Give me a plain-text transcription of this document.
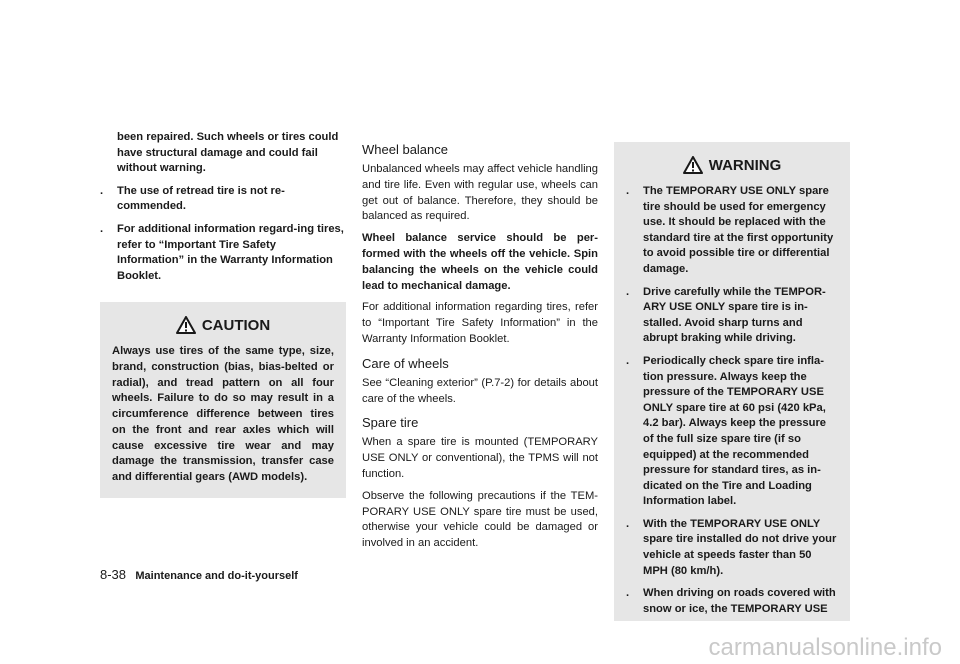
been repaired. Such wheels or tires could have structural damage and could fail without warning.

. The use of retread tire is not re-commended.
. For additional information regard-ing tires, refer to “Important Tire Safety Information” in the Warranty Information Booklet.
CAUTION

Always use tires of the same type, size, brand, construction (bias, bias-belted or radial), and tread pattern on all four wheels. Failure to do so may result in a circumference difference between tires on the front and rear axles which will cause excessive tire wear and may damage the transmission, transfer case and differential gears (AWD models).

Wheel balance

Unbalanced wheels may affect vehicle handling and tire life. Even with regular use, wheels can get out of balance. Therefore, they should be balanced as required.

Wheel balance service should be per-formed with the wheels off the vehicle. Spin balancing the wheels on the vehicle could lead to mechanical damage.

For additional information regarding tires, refer to “Important Tire Safety Information” in the Warranty Information Booklet.

Care of wheels

See “Cleaning exterior” (P.7-2) for details about care of the wheels.

Spare tire

When a spare tire is mounted (TEMPORARY USE ONLY or conventional), the TPMS will not function.

Observe the following precautions if the TEM-PORARY USE ONLY spare tire must be used, otherwise your vehicle could be damaged or involved in an accident.

WARNING
. The TEMPORARY USE ONLY spare tire should be used for emergency use. It should be replaced with the standard tire at the first opportunity to avoid possible tire or differential damage.
. Drive carefully while the TEMPOR-ARY USE ONLY spare tire is in-stalled. Avoid sharp turns and abrupt braking while driving.
. Periodically check spare tire infla-tion pressure. Always keep the pressure of the TEMPORARY USE ONLY spare tire at 60 psi (420 kPa, 4.2 bar). Always keep the pressure of the full size spare tire (if so equipped) at the recommended pressure for standard tires, as in-dicated on the Tire and Loading Information label.
. With the TEMPORARY USE ONLY spare tire installed do not drive your vehicle at speeds faster than 50 MPH (80 km/h).
. When driving on roads covered with snow or ice, the TEMPORARY USE
8-38 Maintenance and do-it-yourself
carmanualsonline.info
